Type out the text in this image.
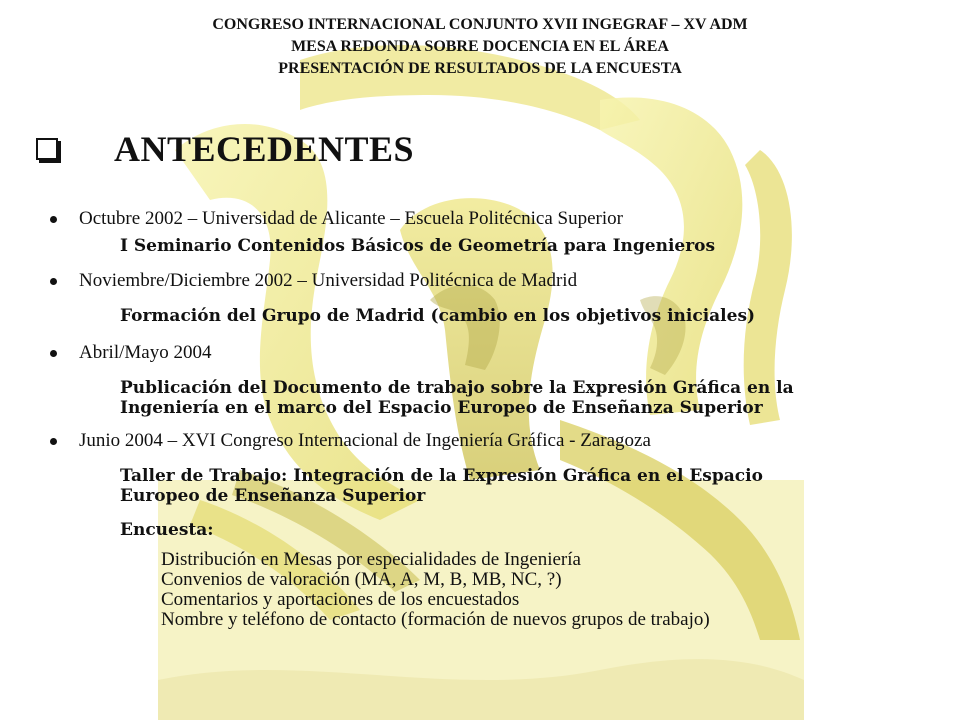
CONGRESO INTERNACIONAL CONJUNTO XVII INGEGRAF – XV ADM
MESA REDONDA SOBRE DOCENCIA EN EL ÁREA
PRESENTACIÓN DE RESULTADOS DE LA ENCUESTA
ANTECEDENTES
Octubre 2002 – Universidad de Alicante – Escuela Politécnica Superior
I Seminario Contenidos Básicos de Geometría para Ingenieros
Noviembre/Diciembre 2002 – Universidad Politécnica de Madrid
Formación del Grupo de Madrid (cambio en los objetivos iniciales)
Abril/Mayo 2004
Publicación del Documento de trabajo sobre la Expresión Gráfica en la
Ingeniería en el marco del Espacio Europeo de Enseñanza Superior
Junio 2004 – XVI Congreso Internacional de Ingeniería Gráfica - Zaragoza
Taller de Trabajo: Integración de la Expresión Gráfica en el Espacio
Europeo de Enseñanza Superior
Encuesta:
Distribución en Mesas por especialidades de Ingeniería
Convenios de valoración (MA, A, M, B, MB, NC, ?)
Comentarios y aportaciones de los encuestados
Nombre y teléfono de contacto (formación de nuevos grupos de trabajo)
